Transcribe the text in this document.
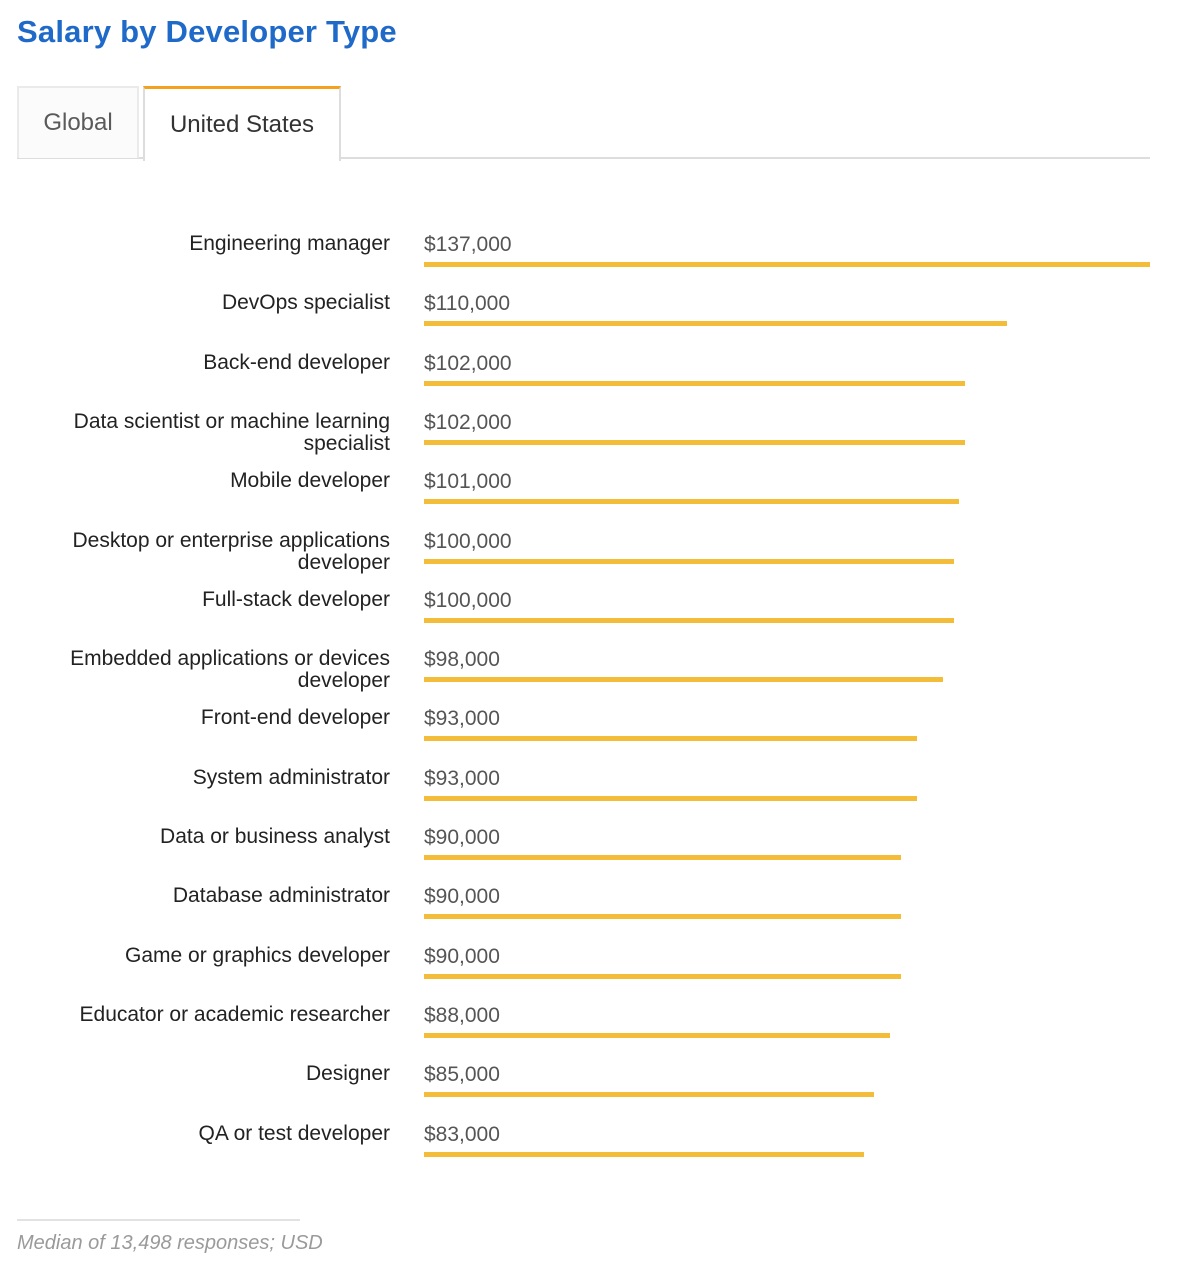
Salary by Developer Type
Global	United States
Engineering manager $137,000
DevOps specialist $110,000
Back-end developer $102,000
Data scientist or machine learning specialist
$102,000
Mobile developer $101,000
Desktop or enterprise applications developer
$100,000
Full-stack developer $100,000
Embedded applications or devices developer
$98,000
Front-end developer $93,000
System administrator $93,000
Data or business analyst $90,000
Database administrator $90,000
Game or graphics developer $90,000
Educator or academic researcher $88,000
Designer $85,000
QA or test developer $83,000
Median of 13,498 responses; USD
